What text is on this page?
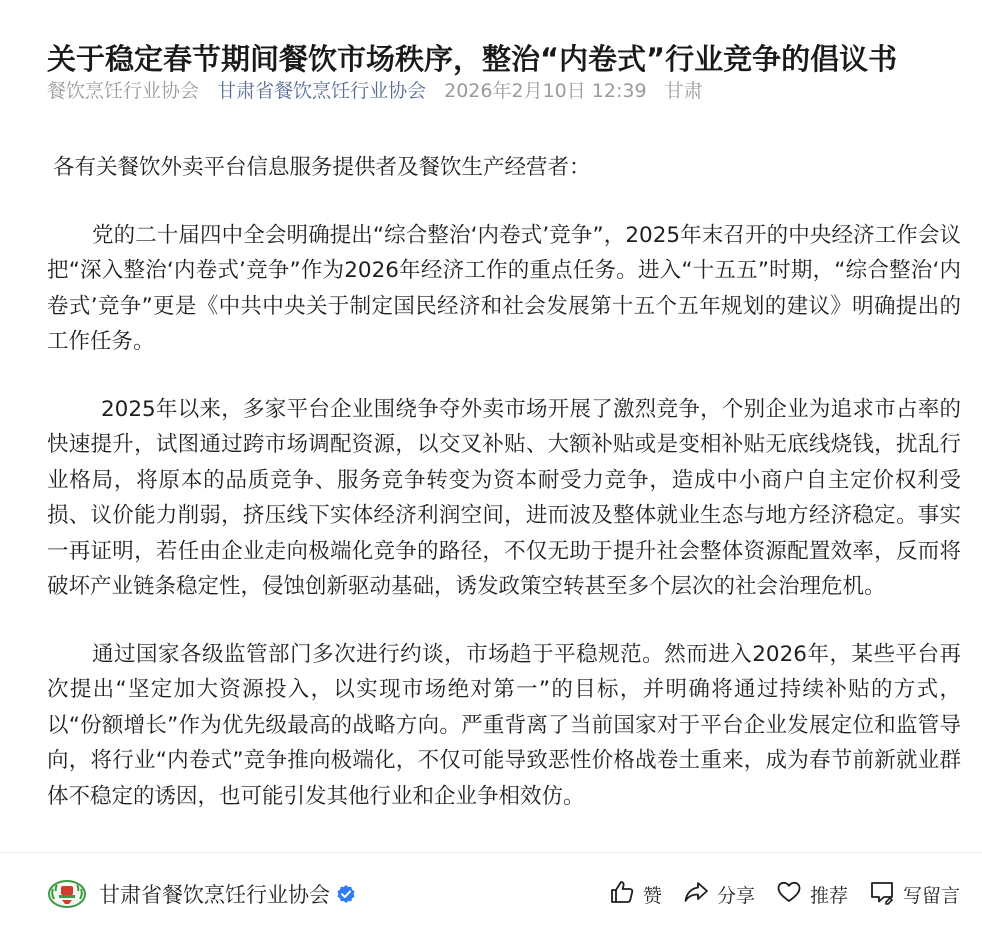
关于稳定春节期间餐饮市场秩序，整治“内卷式”行业竞争的倡议书
餐饮烹饪行业协会 甘肃省餐饮烹饪行业协会 2026年2月10日 12:39 甘肃

各有关餐饮外卖平台信息服务提供者及餐饮生产经营者：

党的二十届四中全会明确提出“综合整治‘内卷式’竞争”，2025年末召开的中央经济工作会议把“深入整治‘内卷式’竞争”作为2026年经济工作的重点任务。进入“十五五”时期，“综合整治‘内卷式’竞争”更是《中共中央关于制定国民经济和社会发展第十五个五年规划的建议》明确提出的工作任务。

2025年以来，多家平台企业围绕争夺外卖市场开展了激烈竞争，个别企业为追求市占率的快速提升，试图通过跨市场调配资源，以交叉补贴、大额补贴或是变相补贴无底线烧钱，扰乱行业格局，将原本的品质竞争、服务竞争转变为资本耐受力竞争，造成中小商户自主定价权利受损、议价能力削弱，挤压线下实体经济利润空间，进而波及整体就业生态与地方经济稳定。事实一再证明，若任由企业走向极端化竞争的路径，不仅无助于提升社会整体资源配置效率，反而将破坏产业链条稳定性，侵蚀创新驱动基础，诱发政策空转甚至多个层次的社会治理危机。

通过国家各级监管部门多次进行约谈，市场趋于平稳规范。然而进入2026年，某些平台再次提出“坚定加大资源投入，以实现市场绝对第一”的目标，并明确将通过持续补贴的方式，以“份额增长”作为优先级最高的战略方向。严重背离了当前国家对于平台企业发展定位和监管导向，将行业“内卷式”竞争推向极端化，不仅可能导致恶性价格战卷土重来，成为春节前新就业群体不稳定的诱因，也可能引发其他行业和企业争相效仿。

甘肃省餐饮烹饪行业协会	赞	分享	推荐	写留言
